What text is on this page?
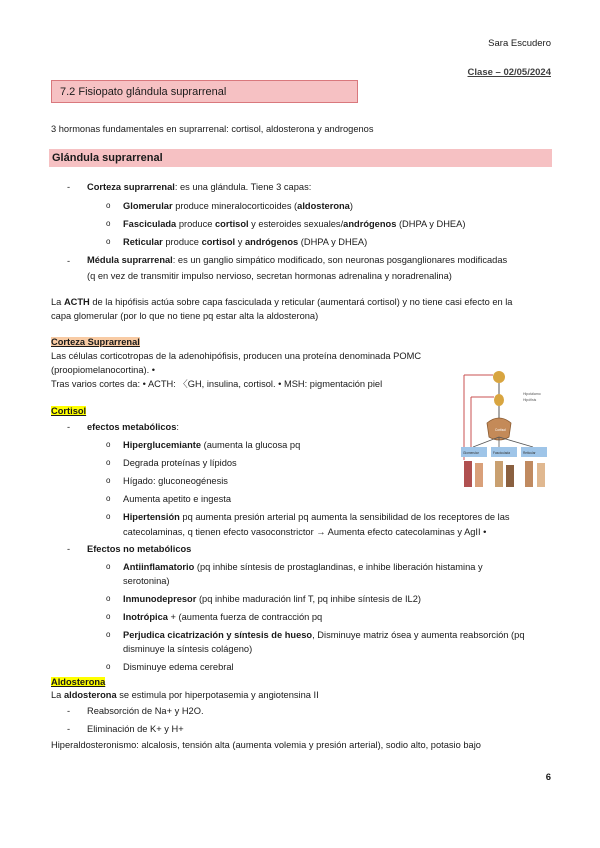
Sara Escudero
Clase – 02/05/2024
7.2 Fisiopato glándula suprarrenal
3 hormonas fundamentales en suprarrenal: cortisol, aldosterona y androgenos
Glándula suprarrenal
- Corteza suprarrenal: es una glándula. Tiene 3 capas:
o Glomerular produce mineralocorticoides (aldosterona)
o Fasciculada produce cortisol y esteroides sexuales/andrógenos (DHPA y DHEA)
o Reticular produce cortisol y andrógenos (DHPA y DHEA)
- Médula suprarrenal: es un ganglio simpático modificado, son neuronas posganglionares modificadas
(q en vez de transmitir impulso nervioso, secretan hormonas adrenalina y noradrenalina)
La ACTH de la hipófisis actúa sobre capa fasciculada y reticular (aumentará cortisol) y no tiene casi efecto en la
capa glomerular (por lo que no tiene pq estar alta la aldosterona)
Corteza Suprarrenal
Las células corticotropas de la adenohipófisis, producen una proteína denominada POMC
(proopiomelanocortina). •
Tras varios cortes da: • ACTH: 〈GH, insulina, cortisol. • MSH: pigmentación piel
Hipotálamo
Hipófisis
Glomerular	Fasciculada	Reticular
Cortisol
Cortisol
- efectos metabólicos:
o Hiperglucemiante (aumenta la glucosa pq
o Degrada proteínas y lípidos
o Hígado: gluconeogénesis
o Aumenta apetito e ingesta
o Hipertensión pq aumenta presión arterial pq aumenta la sensibilidad de los receptores de las
catecolaminas, q tienen efecto vasoconstrictor → Aumenta efecto catecolaminas y AgII •
- Efectos no metabólicos
o Antiinflamatorio (pq inhibe síntesis de prostaglandinas, e inhibe liberación histamina y
serotonina)
o Inmunodepresor (pq inhibe maduración linf T, pq inhibe síntesis de IL2)
o Inotrópica + (aumenta fuerza de contracción pq
o Perjudica cicatrización y síntesis de hueso, Disminuye matriz ósea y aumenta reabsorción (pq
disminuye la síntesis colágeno)
o Disminuye edema cerebral
Aldosterona
La aldosterona se estimula por hiperpotasemia y angiotensina II
- Reabsorción de Na+ y H2O.
- Eliminación de K+ y H+
Hiperaldosteronismo: alcalosis, tensión alta (aumenta volemia y presión arterial), sodio alto, potasio bajo
6
